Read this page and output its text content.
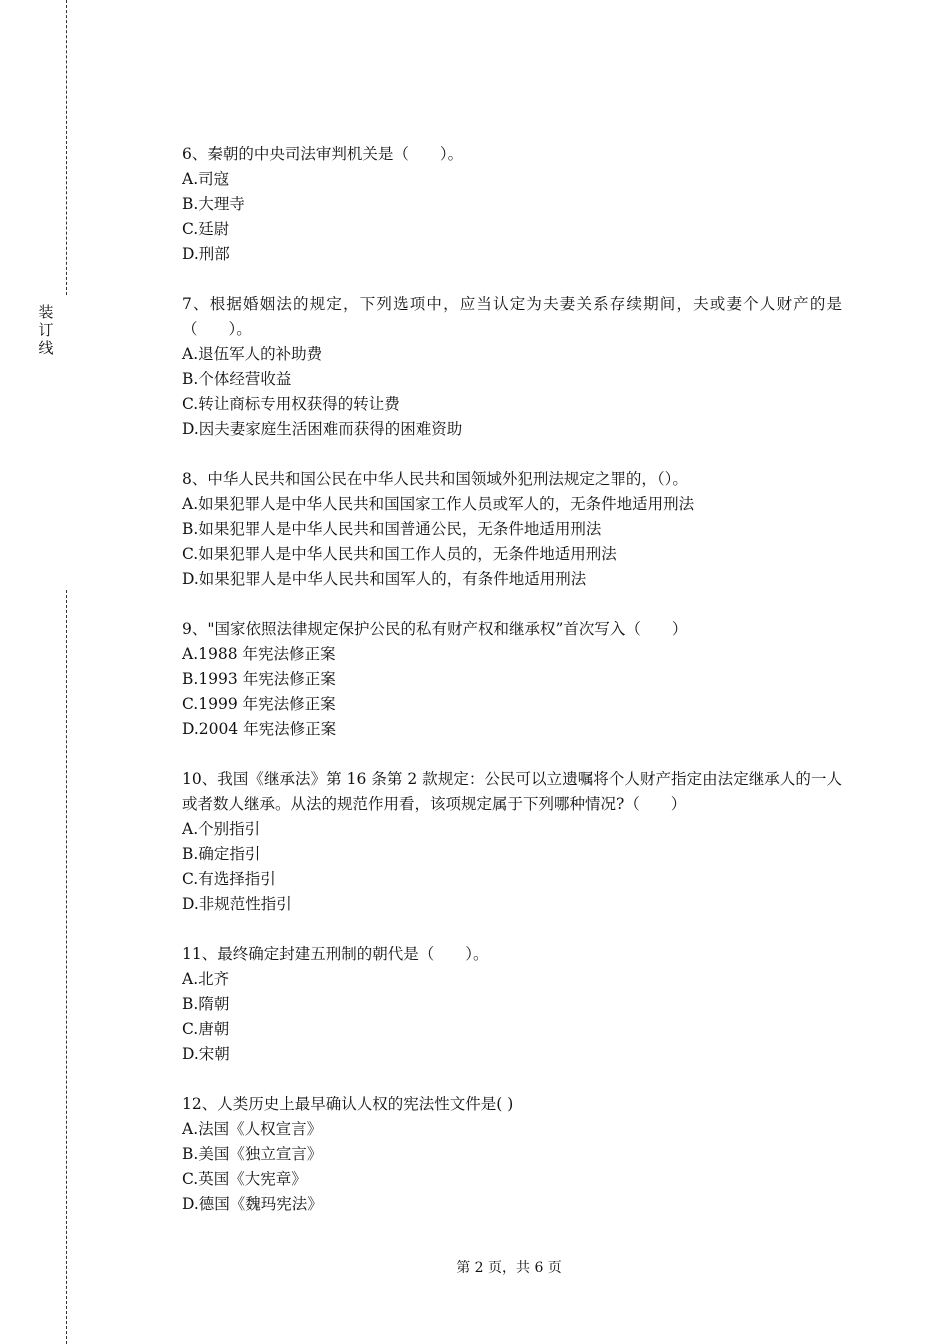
装
订
线

6、秦朝的中央司法审判机关是（　　）。

A.司寇

B.大理寺

C.廷尉

D.刑部

7、根据婚姻法的规定，下列选项中，应当认定为夫妻关系存续期间，夫或妻个人财产的是（　　）。

A.退伍军人的补助费

B.个体经营收益

C.转让商标专用权获得的转让费

D.因夫妻家庭生活困难而获得的困难资助

8、中华人民共和国公民在中华人民共和国领域外犯刑法规定之罪的，（）。

A.如果犯罪人是中华人民共和国国家工作人员或军人的，无条件地适用刑法

B.如果犯罪人是中华人民共和国普通公民，无条件地适用刑法

C.如果犯罪人是中华人民共和国工作人员的，无条件地适用刑法

D.如果犯罪人是中华人民共和国军人的，有条件地适用刑法

9、"国家依照法律规定保护公民的私有财产权和继承权”首次写入（　　）

A.1988 年宪法修正案

B.1993 年宪法修正案

C.1999 年宪法修正案

D.2004 年宪法修正案

10、我国《继承法》第 16 条第 2 款规定：公民可以立遗嘱将个人财产指定由法定继承人的一人或者数人继承。从法的规范作用看，该项规定属于下列哪种情况?（　　）

A.个别指引

B.确定指引

C.有选择指引

D.非规范性指引

11、最终确定封建五刑制的朝代是（　　）。

A.北齐

B.隋朝

C.唐朝

D.宋朝

12、人类历史上最早确认人权的宪法性文件是( )

A.法国《人权宣言》

B.美国《独立宣言》

C.英国《大宪章》

D.德国《魏玛宪法》

第 2 页，共 6 页
